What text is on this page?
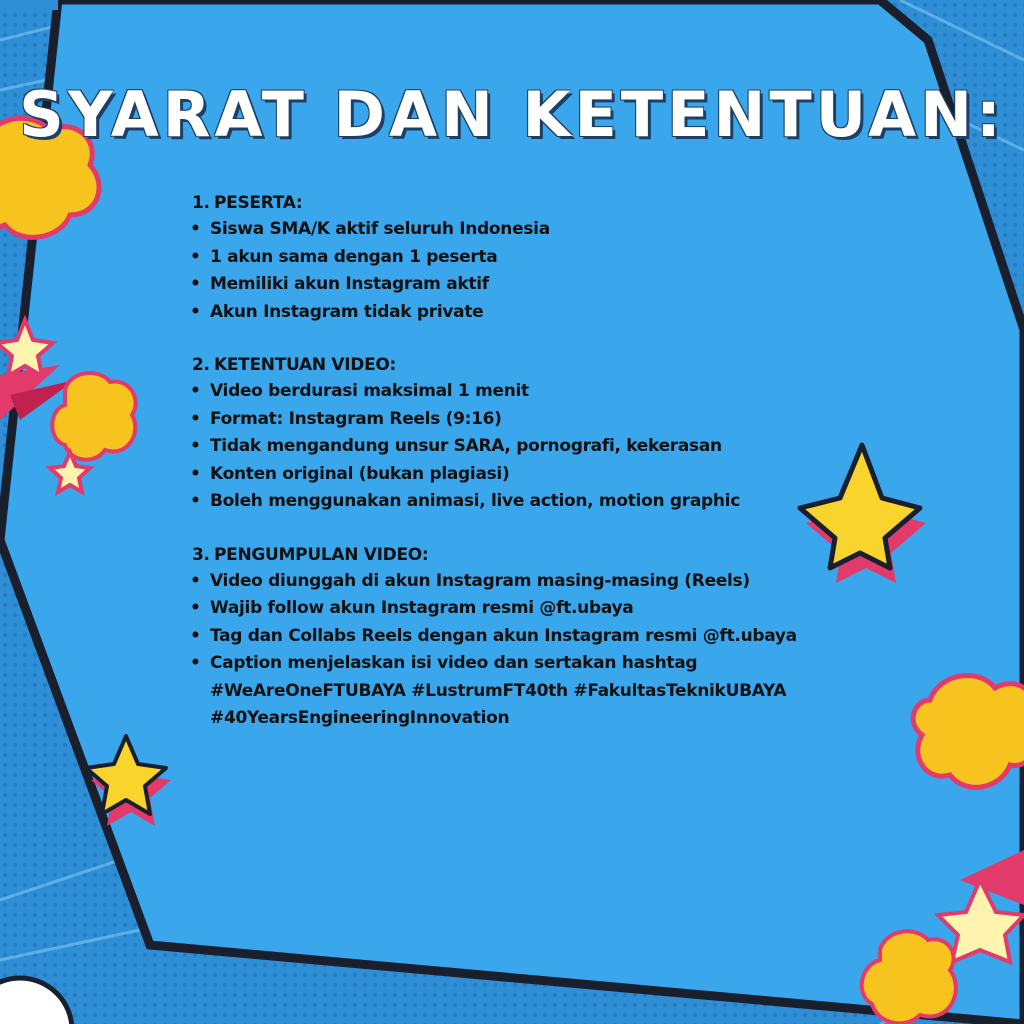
SYARAT DAN KETENTUAN:
1. PESERTA:
• Siswa SMA/K aktif seluruh Indonesia
• 1 akun sama dengan 1 peserta
• Memiliki akun Instagram aktif
• Akun Instagram tidak private
2. KETENTUAN VIDEO:
• Video berdurasi maksimal 1 menit
• Format: Instagram Reels (9:16)
• Tidak mengandung unsur SARA, pornografi, kekerasan
• Konten original (bukan plagiasi)
• Boleh menggunakan animasi, live action, motion graphic
3. PENGUMPULAN VIDEO:
• Video diunggah di akun Instagram masing-masing (Reels)
• Wajib follow akun Instagram resmi @ft.ubaya
• Tag dan Collabs Reels dengan akun Instagram resmi @ft.ubaya
• Caption menjelaskan isi video dan sertakan hashtag
#WeAreOneFTUBAYA #LustrumFT40th #FakultasTeknikUBAYA
#40YearsEngineeringInnovation
